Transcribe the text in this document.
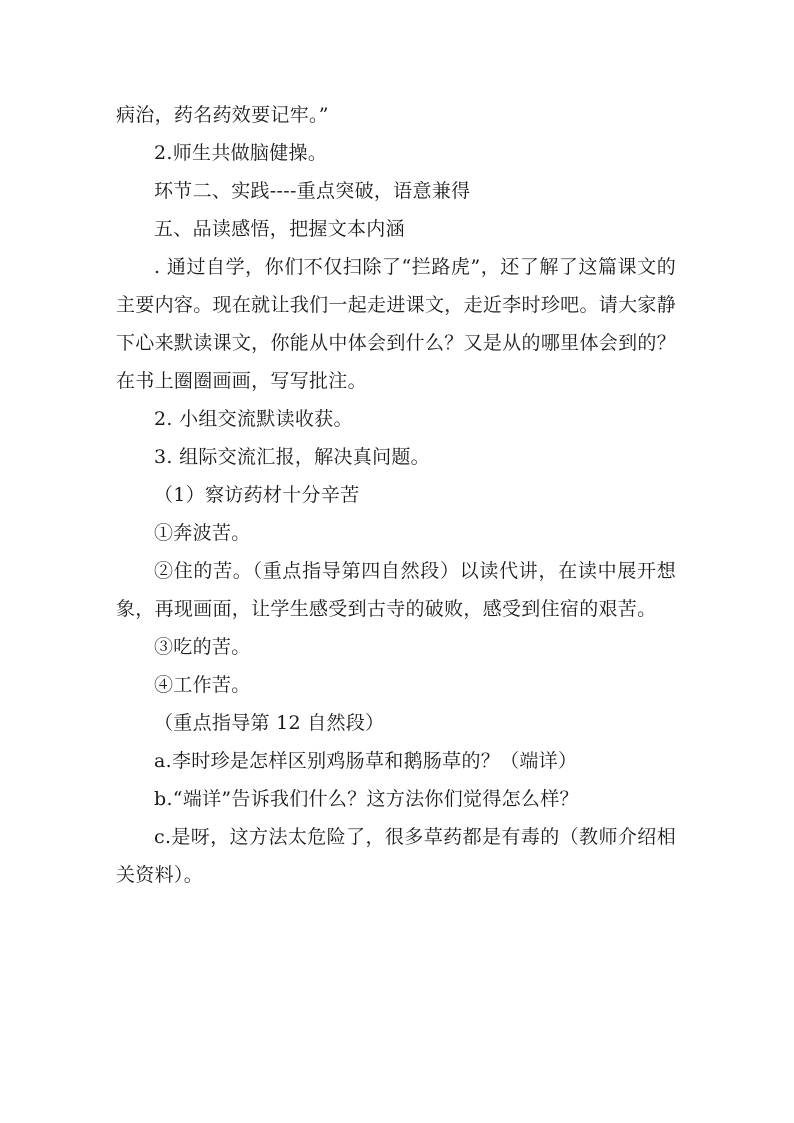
病治，药名药效要记牢。”

2.师生共做脑健操。

环节二、实践----重点突破，语意兼得

五、品读感悟，把握文本内涵

. 通过自学，你们不仅扫除了“拦路虎”，还了解了这篇课文的主要内容。现在就让我们一起走进课文，走近李时珍吧。请大家静下心来默读课文，你能从中体会到什么？又是从的哪里体会到的？在书上圈圈画画，写写批注。

2. 小组交流默读收获。

3. 组际交流汇报，解决真问题。

（1）察访药材十分辛苦

①奔波苦。

②住的苦。（重点指导第四自然段）以读代讲，在读中展开想象，再现画面，让学生感受到古寺的破败，感受到住宿的艰苦。

③吃的苦。

④工作苦。

（重点指导第 12 自然段）

a.李时珍是怎样区别鸡肠草和鹅肠草的？（端详）

b.“端详”告诉我们什么？这方法你们觉得怎么样？

c.是呀，这方法太危险了，很多草药都是有毒的（教师介绍相关资料）。
